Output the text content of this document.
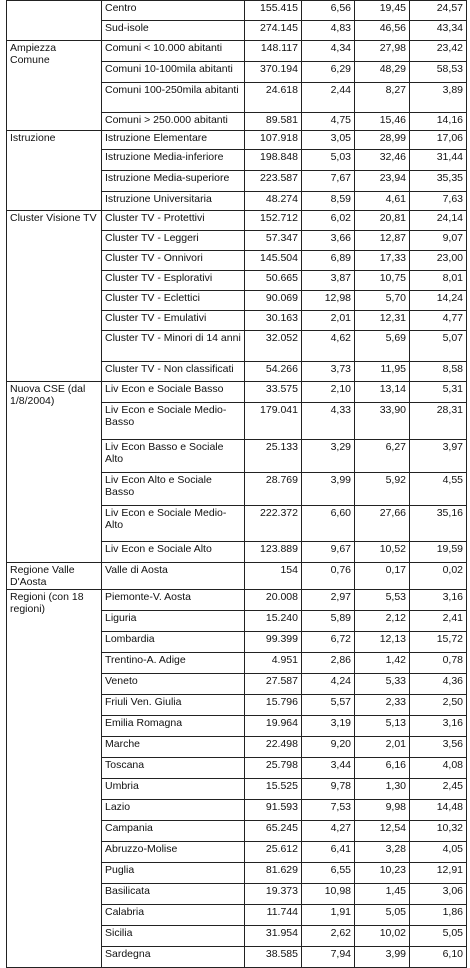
	Centro	155.415	6,56	19,45	24,57
	Sud-isole	274.145	4,83	46,56	43,34
Ampiezza Comune	Comuni < 10.000 abitanti	148.117	4,34	27,98	23,42
	Comuni 10-100mila abitanti	370.194	6,29	48,29	58,53
	Comuni 100-250mila abitanti	24.618	2,44	8,27	3,89
	Comuni > 250.000 abitanti	89.581	4,75	15,46	14,16
Istruzione	Istruzione Elementare	107.918	3,05	28,99	17,06
	Istruzione Media-inferiore	198.848	5,03	32,46	31,44
	Istruzione Media-superiore	223.587	7,67	23,94	35,35
	Istruzione Universitaria	48.274	8,59	4,61	7,63
Cluster Visione TV	Cluster TV - Protettivi	152.712	6,02	20,81	24,14
	Cluster TV - Leggeri	57.347	3,66	12,87	9,07
	Cluster TV - Onnivori	145.504	6,89	17,33	23,00
	Cluster TV - Esplorativi	50.665	3,87	10,75	8,01
	Cluster TV - Eclettici	90.069	12,98	5,70	14,24
	Cluster TV - Emulativi	30.163	2,01	12,31	4,77
	Cluster TV - Minori di 14 anni	32.052	4,62	5,69	5,07
	Cluster TV - Non classificati	54.266	3,73	11,95	8,58
Nuova CSE (dal 1/8/2004)	Liv Econ e Sociale Basso	33.575	2,10	13,14	5,31
	Liv Econ e Sociale Medio-Basso	179.041	4,33	33,90	28,31
	Liv Econ Basso e Sociale Alto	25.133	3,29	6,27	3,97
	Liv Econ Alto e Sociale Basso	28.769	3,99	5,92	4,55
	Liv Econ e Sociale Medio-Alto	222.372	6,60	27,66	35,16
	Liv Econ e Sociale Alto	123.889	9,67	10,52	19,59
Regione Valle D'Aosta	Valle di Aosta	154	0,76	0,17	0,02
Regioni (con 18 regioni)	Piemonte-V. Aosta	20.008	2,97	5,53	3,16
	Liguria	15.240	5,89	2,12	2,41
	Lombardia	99.399	6,72	12,13	15,72
	Trentino-A. Adige	4.951	2,86	1,42	0,78
	Veneto	27.587	4,24	5,33	4,36
	Friuli Ven. Giulia	15.796	5,57	2,33	2,50
	Emilia Romagna	19.964	3,19	5,13	3,16
	Marche	22.498	9,20	2,01	3,56
	Toscana	25.798	3,44	6,16	4,08
	Umbria	15.525	9,78	1,30	2,45
	Lazio	91.593	7,53	9,98	14,48
	Campania	65.245	4,27	12,54	10,32
	Abruzzo-Molise	25.612	6,41	3,28	4,05
	Puglia	81.629	6,55	10,23	12,91
	Basilicata	19.373	10,98	1,45	3,06
	Calabria	11.744	1,91	5,05	1,86
	Sicilia	31.954	2,62	10,02	5,05
	Sardegna	38.585	7,94	3,99	6,10
